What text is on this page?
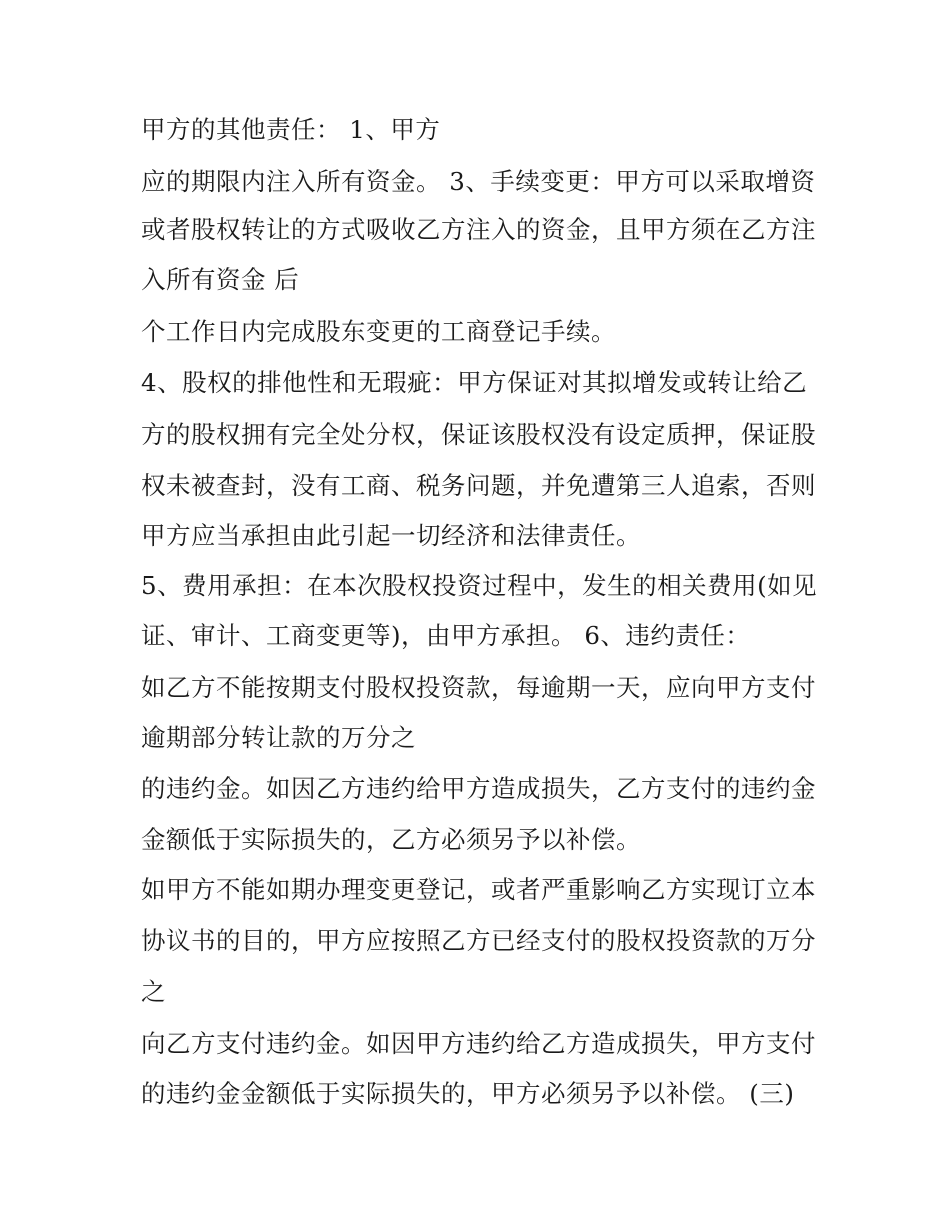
甲方的其他责任： 1、甲方
应的期限内注入所有资金。 3、手续变更：甲方可以采取增资
或者股权转让的方式吸收乙方注入的资金，且甲方须在乙方注
入所有资金 后
个工作日内完成股东变更的工商登记手续。
4、股权的排他性和无瑕疵：甲方保证对其拟增发或转让给乙
方的股权拥有完全处分权，保证该股权没有设定质押，保证股
权未被查封，没有工商、税务问题，并免遭第三人追索，否则
甲方应当承担由此引起一切经济和法律责任。
5、费用承担：在本次股权投资过程中，发生的相关费用(如见
证、审计、工商变更等)，由甲方承担。 6、违约责任：
如乙方不能按期支付股权投资款，每逾期一天，应向甲方支付
逾期部分转让款的万分之
的违约金。如因乙方违约给甲方造成损失，乙方支付的违约金
金额低于实际损失的，乙方必须另予以补偿。
如甲方不能如期办理变更登记，或者严重影响乙方实现订立本
协议书的目的，甲方应按照乙方已经支付的股权投资款的万分
之
向乙方支付违约金。如因甲方违约给乙方造成损失，甲方支付
的违约金金额低于实际损失的，甲方必须另予以补偿。 (三)
